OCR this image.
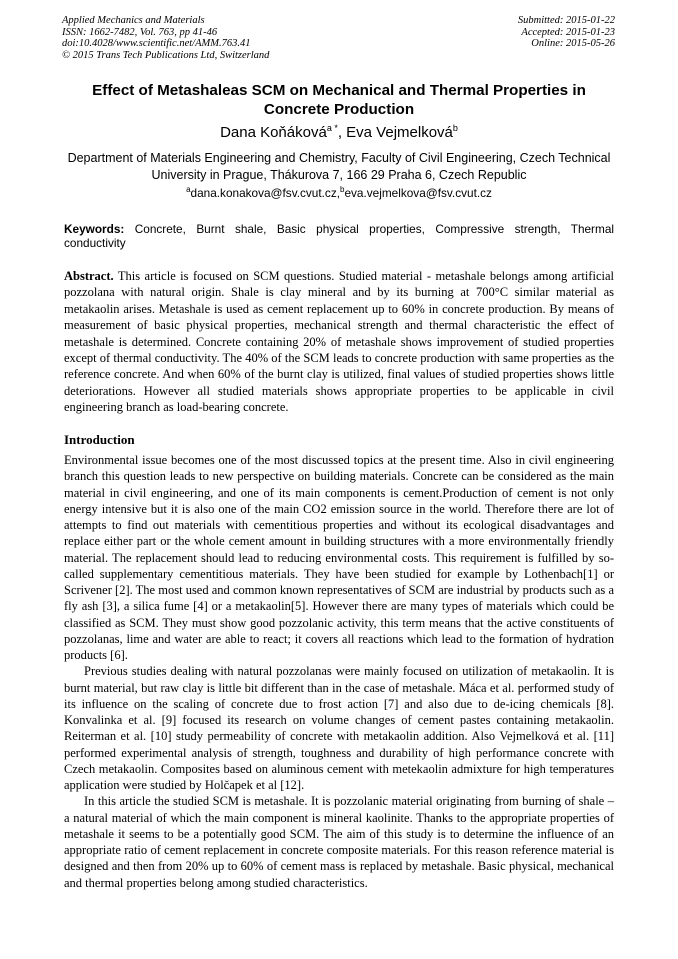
Applied Mechanics and Materials
ISSN: 1662-7482, Vol. 763, pp 41-46
doi:10.4028/www.scientific.net/AMM.763.41
© 2015 Trans Tech Publications Ltd, Switzerland
Submitted: 2015-01-22
Accepted: 2015-01-23
Online: 2015-05-26
Effect of Metashaleas SCM on Mechanical and Thermal Properties in Concrete Production
Dana Koňáková$^{a *}$, Eva Vejmelková$^b$
Department of Materials Engineering and Chemistry, Faculty of Civil Engineering, Czech Technical University in Prague, Thákurova 7, 166 29 Praha 6, Czech Republic
$^a$dana.konakova@fsv.cvut.cz,$^b$eva.vejmelkova@fsv.cvut.cz
Keywords: Concrete, Burnt shale, Basic physical properties, Compressive strength, Thermal conductivity
Abstract. This article is focused on SCM questions. Studied material - metashale belongs among artificial pozzolana with natural origin. Shale is clay mineral and by its burning at 700°C similar material as metakaolin arises. Metashale is used as cement replacement up to 60% in concrete production. By means of measurement of basic physical properties, mechanical strength and thermal characteristic the effect of metashale is determined. Concrete containing 20% of metashale shows improvement of studied properties except of thermal conductivity. The 40% of the SCM leads to concrete production with same properties as the reference concrete. And when 60% of the burnt clay is utilized, final values of studied properties shows little deteriorations. However all studied materials shows appropriate properties to be applicable in civil engineering branch as load-bearing concrete.
Introduction

Environmental issue becomes one of the most discussed topics at the present time. Also in civil engineering branch this question leads to new perspective on building materials. Concrete can be considered as the main material in civil engineering, and one of its main components is cement.Production of cement is not only energy intensive but it is also one of the main CO2 emission source in the world. Therefore there are lot of attempts to find out materials with cementitious properties and without its ecological disadvantages and replace either part or the whole cement amount in building structures with a more environmentally friendly material. The replacement should lead to reducing environmental costs. This requirement is fulfilled by so-called supplementary cementitious materials. They have been studied for example by Lothenbach[1] or Scrivener [2]. The most used and common known representatives of SCM are industrial by products such as a fly ash [3], a silica fume [4] or a metakaolin[5]. However there are many types of materials which could be classified as SCM. They must show good pozzolanic activity, this term means that the active constituents of pozzolanas, lime and water are able to react; it covers all reactions which lead to the formation of hydration products [6].

Previous studies dealing with natural pozzolanas were mainly focused on utilization of metakaolin. It is burnt material, but raw clay is little bit different than in the case of metashale. Máca et al. performed study of its influence on the scaling of concrete due to frost action [7] and also due to de-icing chemicals [8]. Konvalinka et al. [9] focused its research on volume changes of cement pastes containing metakaolin. Reiterman et al. [10] study permeability of concrete with metakaolin addition. Also Vejmelková et al. [11] performed experimental analysis of strength, toughness and durability of high performance concrete with Czech metakaolin. Composites based on aluminous cement with metekaolin admixture for high temperatures application were studied by Holčapek et al [12].

In this article the studied SCM is metashale. It is pozzolanic material originating from burning of shale – a natural material of which the main component is mineral kaolinite. Thanks to the appropriate properties of metashale it seems to be a potentially good SCM. The aim of this study is to determine the influence of an appropriate ratio of cement replacement in concrete composite materials. For this reason reference material is designed and then from 20% up to 60% of cement mass is replaced by metashale. Basic physical, mechanical and thermal properties belong among studied characteristics.
